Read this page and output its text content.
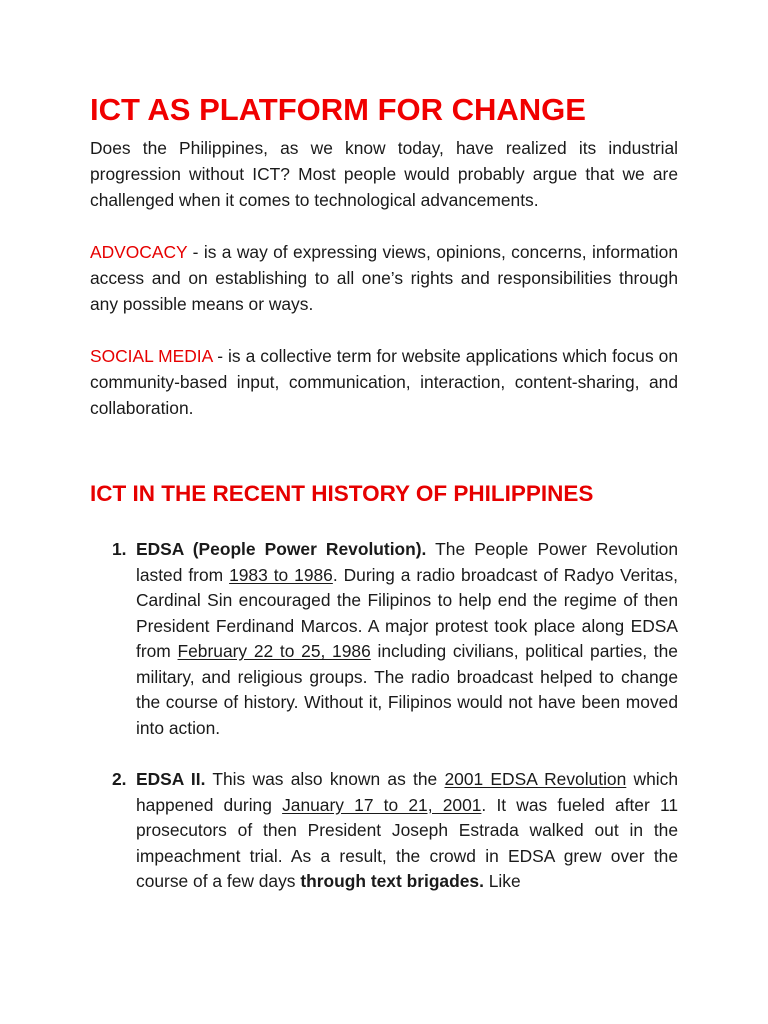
ICT AS PLATFORM FOR CHANGE

Does the Philippines, as we know today, have realized its industrial progression without ICT? Most people would probably argue that we are challenged when it comes to technological advancements.

ADVOCACY - is a way of expressing views, opinions, concerns, information access and on establishing to all one’s rights and responsibilities through any possible means or ways.

SOCIAL MEDIA - is a collective term for website applications which focus on community-based input, communication, interaction, content-sharing, and collaboration.

ICT IN THE RECENT HISTORY OF PHILIPPINES
1. EDSA (People Power Revolution). The People Power Revolution lasted from 1983 to 1986. During a radio broadcast of Radyo Veritas, Cardinal Sin encouraged the Filipinos to help end the regime of then President Ferdinand Marcos. A major protest took place along EDSA from February 22 to 25, 1986 including civilians, political parties, the military, and religious groups. The radio broadcast helped to change the course of history. Without it, Filipinos would not have been moved into action.
2. EDSA II. This was also known as the 2001 EDSA Revolution which happened during January 17 to 21, 2001. It was fueled after 11 prosecutors of then President Joseph Estrada walked out in the impeachment trial. As a result, the crowd in EDSA grew over the course of a few days through text brigades. Like
